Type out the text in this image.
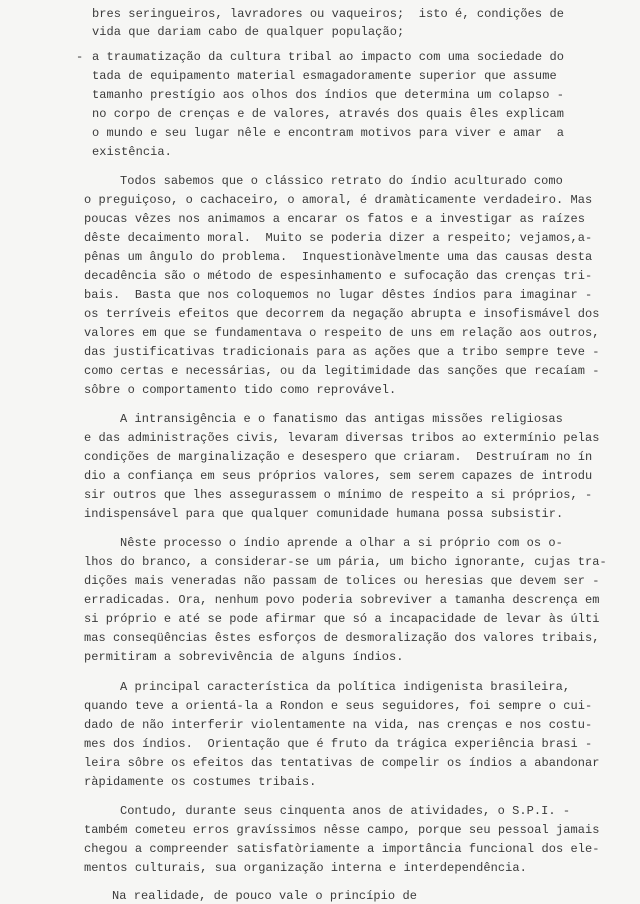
-
bres seringueiros, lavradores ou vaqueiros;  isto é, condições de
vida que dariam cabo de qualquer população;
a traumatização da cultura tribal ao impacto com uma sociedade do
tada de equipamento material esmagadoramente superior que assume
tamanho prestígio aos olhos dos índios que determina um colapso -
no corpo de crenças e de valores, através dos quais êles explicam
o mundo e seu lugar nêle e encontram motivos para viver e amar  a
existência.
Todos sabemos que o clássico retrato do índio aculturado como
o preguiçoso, o cachaceiro, o amoral, é dramàticamente verdadeiro. Mas
poucas vêzes nos animamos a encarar os fatos e a investigar as raízes
dêste decaimento moral.  Muito se poderia dizer a respeito; vejamos,a-
pênas um ângulo do problema.  Inquestionàvelmente uma das causas desta
decadência são o método de espesinhamento e sufocação das crenças tri-
bais.  Basta que nos coloquemos no lugar dêstes índios para imaginar -
os terríveis efeitos que decorrem da negação abrupta e insofismável dos
valores em que se fundamentava o respeito de uns em relação aos outros,
das justificativas tradicionais para as ações que a tribo sempre teve -
como certas e necessárias, ou da legitimidade das sanções que recaíam -
sôbre o comportamento tido como reprovável.
A intransigência e o fanatismo das antigas missões religiosas
e das administrações civis, levaram diversas tribos ao extermínio pelas
condições de marginalização e desespero que criaram.  Destruíram no ín
dio a confiança em seus próprios valores, sem serem capazes de introdu
sir outros que lhes assegurassem o mínimo de respeito a si próprios, -
indispensável para que qualquer comunidade humana possa subsistir.
Nêste processo o índio aprende a olhar a si próprio com os o-
lhos do branco, a considerar-se um pária, um bicho ignorante, cujas tra-
dições mais veneradas não passam de tolices ou heresias que devem ser -
erradicadas. Ora, nenhum povo poderia sobreviver a tamanha descrença em
si próprio e até se pode afirmar que só a incapacidade de levar às últi
mas conseqüências êstes esforços de desmoralização dos valores tribais,
permitiram a sobrevivência de alguns índios.
A principal característica da política indigenista brasileira,
quando teve a orientá-la a Rondon e seus seguidores, foi sempre o cui-
dado de não interferir violentamente na vida, nas crenças e nos costu-
mes dos índios.  Orientação que é fruto da trágica experiência brasi -
leira sôbre os efeitos das tentativas de compelir os índios a abandonar
ràpidamente os costumes tribais.
Contudo, durante seus cinquenta anos de atividades, o S.P.I. -
também cometeu erros gravíssimos nêsse campo, porque seu pessoal jamais
chegou a compreender satisfatòriamente a importância funcional dos ele-
mentos culturais, sua organização interna e interdependência.
Na realidade, de pouco vale o princípio de
